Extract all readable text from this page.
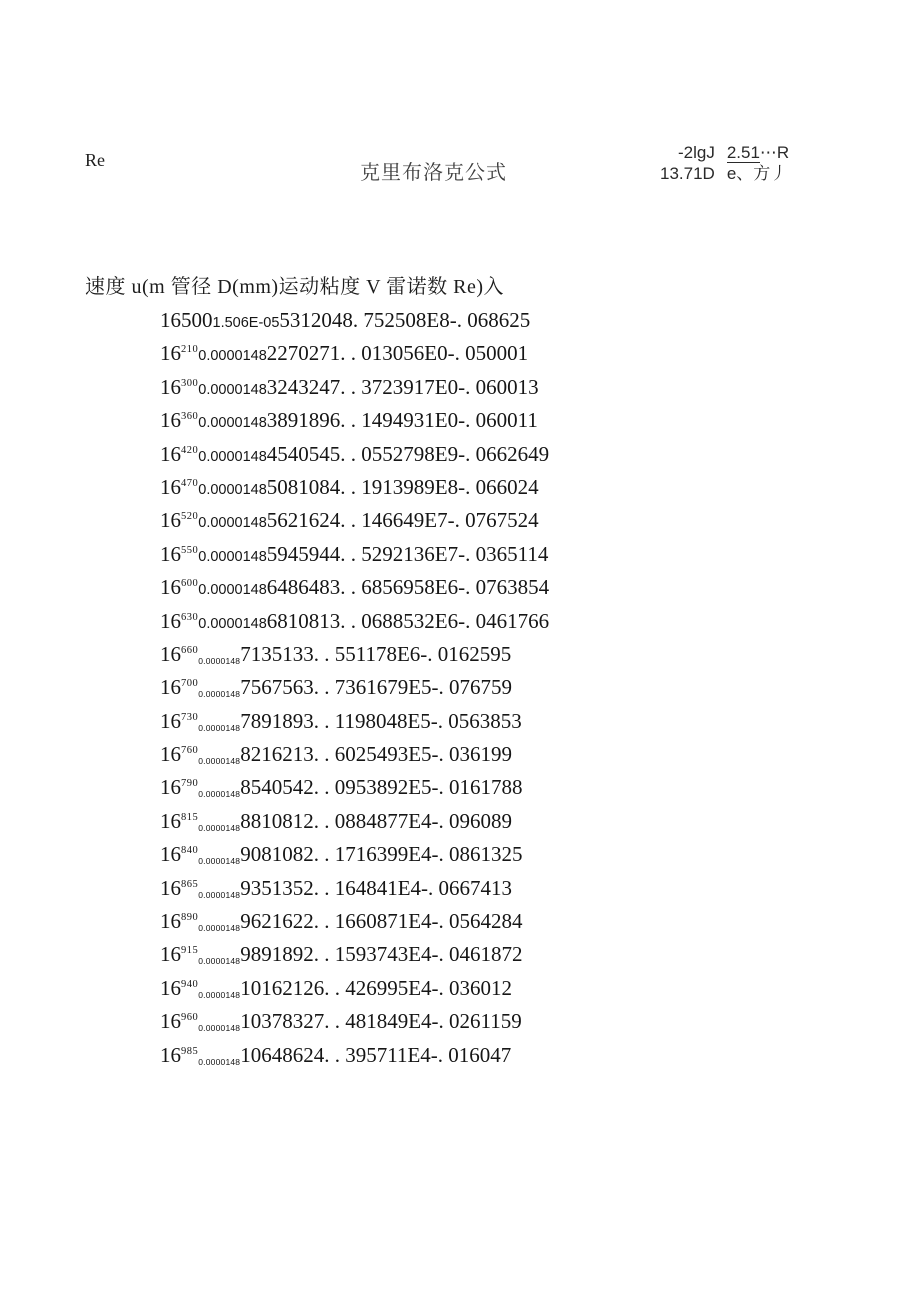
Re
克里布洛克公式
-2lgJ
13.71D
2.51⋯R
e、方丿
速度 u(m 管径 D(mm)运动粘度 V 雷诺数 Re)入
165001.506E-055312048. 752508E8-. 068625
$16^{210}0.00001482270271$. . 013056E0-. 050001
$16^{300}0.00001483243247$. . 3723917E0-. 060013
$16^{360}0.00001483891896$. . 1494931E0-. 060011
$16^{420}0.00001484540545$. . 0552798E9-. 0662649
$16^{470}0.00001485081084$. . 1913989E8-. 066024
$16^{520}0.00001485621624$. . 146649E7-. 0767524
$16^{550}0.00001485945944$. . 5292136E7-. 0365114
$16^{600}0.00001486486483$. . 6856958E6-. 0763854
$16^{630}0.00001486810813$. . 0688532E6-. 0461766
$16^{660}0.00001487135133$. . 551178E6-. 0162595
$16^{700}0.00001487567563$. . 7361679E5-. 076759
$16^{730}0.00001487891893$. . 1198048E5-. 0563853
$16^{760}0.00001488216213$. . 6025493E5-. 036199
$16^{790}0.00001488540542$. . 0953892E5-. 0161788
$16^{815}0.00001488810812$. . 0884877E4-. 096089
$16^{840}0.00001489081082$. . 1716399E4-. 0861325
$16^{865}0.00001489351352$. . 164841E4-. 0667413
$16^{890}0.00001489621622$. . 1660871E4-. 0564284
$16^{915}0.00001489891892$. . 1593743E4-. 0461872
$16^{940}0.000014810162126$. . 426995E4-. 036012
$16^{960}0.000014810378327$. . 481849E4-. 0261159
$16^{985}0.000014810648624$. . 395711E4-. 016047
